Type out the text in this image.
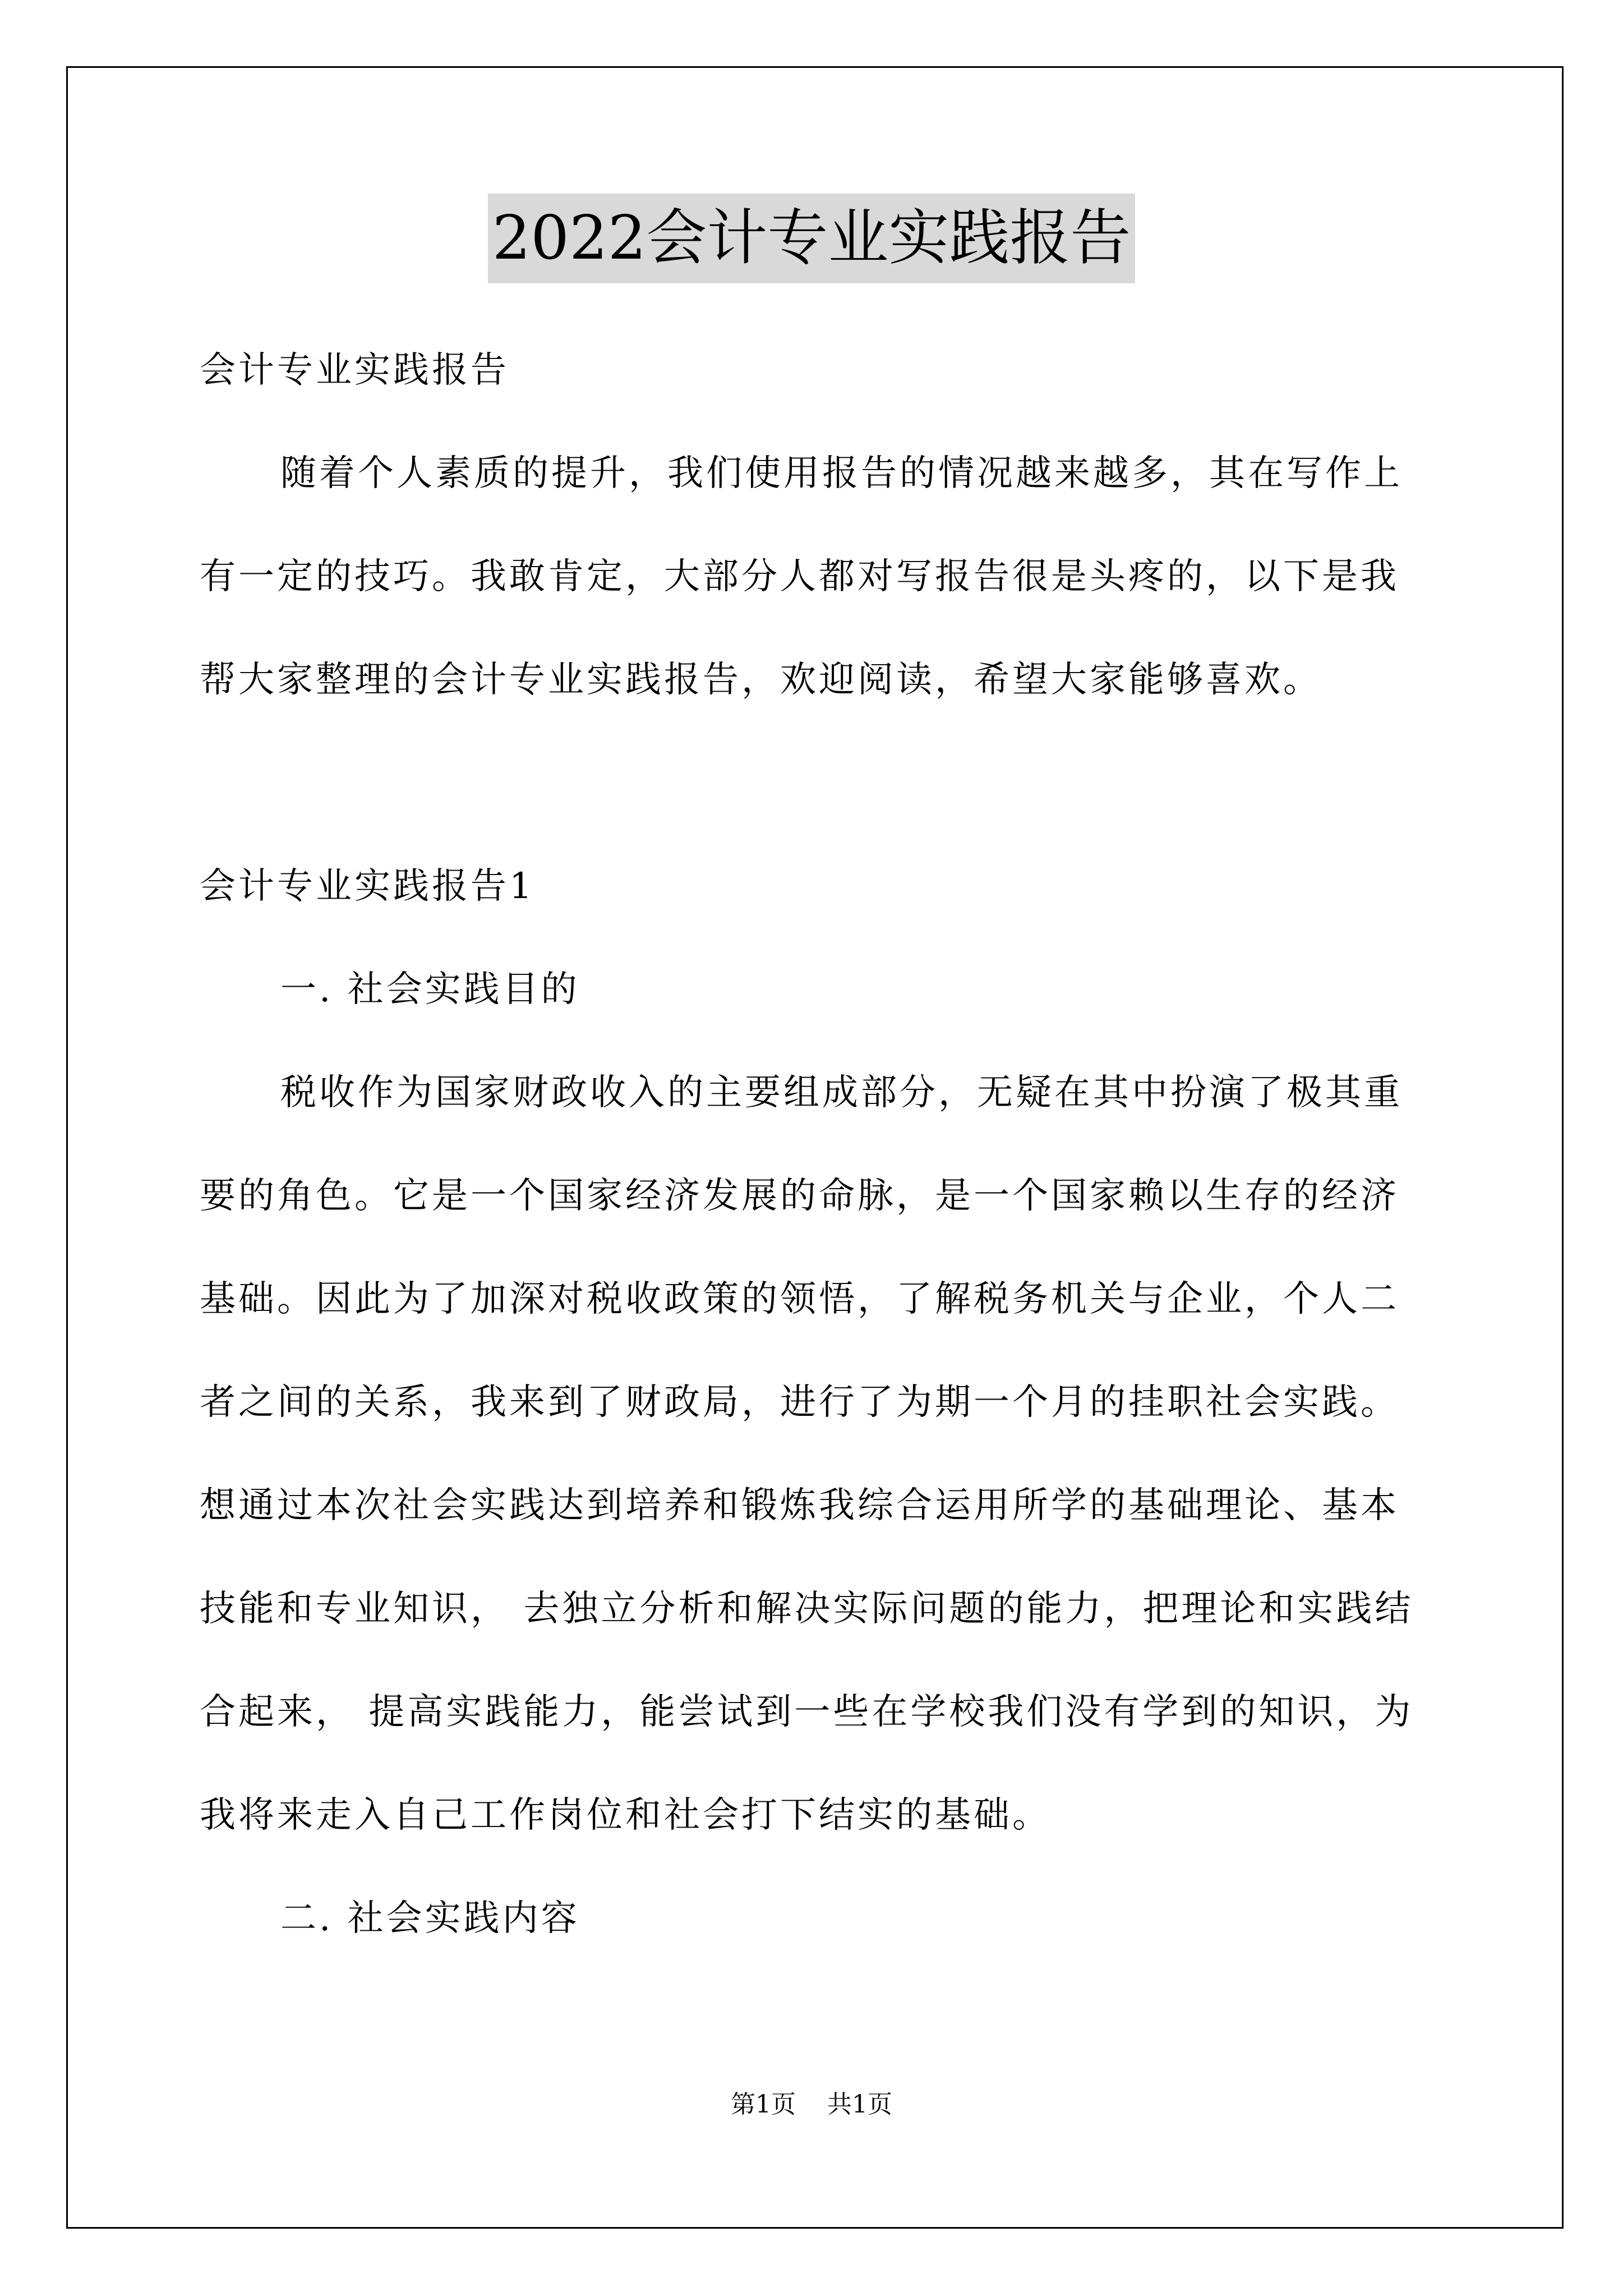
2022会计专业实践报告

会计专业实践报告

随着个人素质的提升，我们使用报告的情况越来越多，其在写作上有一定的技巧。我敢肯定，大部分人都对写报告很是头疼的，以下是我帮大家整理的会计专业实践报告，欢迎阅读，希望大家能够喜欢。

会计专业实践报告1

一. 社会实践目的

税收作为国家财政收入的主要组成部分，无疑在其中扮演了极其重要的角色。它是一个国家经济发展的命脉，是一个国家赖以生存的经济基础。因此为了加深对税收政策的领悟，了解税务机关与企业，个人二者之间的关系，我来到了财政局，进行了为期一个月的挂职社会实践。想通过本次社会实践达到培养和锻炼我综合运用所学的基础理论、基本技能和专业知识， 去独立分析和解决实际问题的能力，把理论和实践结合起来， 提高实践能力，能尝试到一些在学校我们没有学到的知识，为我将来走入自己工作岗位和社会打下结实的基础。

二. 社会实践内容

第1页 共1页
